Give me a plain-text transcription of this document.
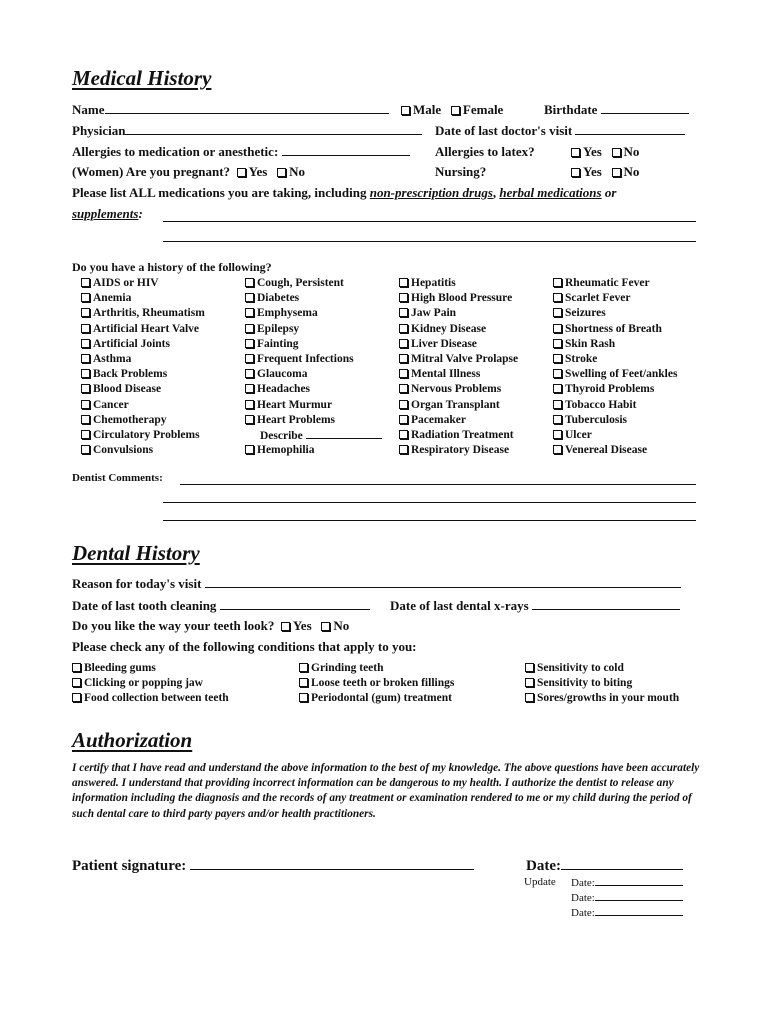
Medical History
Name	Male Female	Birthdate
Physician	Date of last doctor's visit
Allergies to medication or anesthetic:	Allergies to latex?	Yes No
(Women) Are you pregnant? Yes No	Nursing?	Yes No
Please list ALL medications you are taking, including non-prescription drugs, herbal medications or
supplements:
Do you have a history of the following?
AIDS or HIV
Anemia
Arthritis, Rheumatism
Artificial Heart Valve
Artificial Joints
Asthma
Back Problems
Blood Disease
Cancer
Chemotherapy
Circulatory Problems
Convulsions
Cough, Persistent
Diabetes
Emphysema
Epilepsy
Fainting
Frequent Infections
Glaucoma
Headaches
Heart Murmur
Heart Problems
Describe
Hemophilia
Hepatitis
High Blood Pressure
Jaw Pain
Kidney Disease
Liver Disease
Mitral Valve Prolapse
Mental Illness
Nervous Problems
Organ Transplant
Pacemaker
Radiation Treatment
Respiratory Disease
Rheumatic Fever
Scarlet Fever
Seizures
Shortness of Breath
Skin Rash
Stroke
Swelling of Feet/ankles
Thyroid Problems
Tobacco Habit
Tuberculosis
Ulcer
Venereal Disease
Dentist Comments:
Dental History
Reason for today's visit
Date of last tooth cleaning	Date of last dental x-rays
Do you like the way your teeth look? Yes No
Please check any of the following conditions that apply to you:
Bleeding gums
Clicking or popping jaw
Food collection between teeth
Grinding teeth
Loose teeth or broken fillings
Periodontal (gum) treatment
Sensitivity to cold
Sensitivity to biting
Sores/growths in your mouth
Authorization
I certify that I have read and understand the above information to the best of my knowledge. The above questions have been accurately answered. I understand that providing incorrect information can be dangerous to my health. I authorize the dentist to release any information including the diagnosis and the records of any treatment or examination rendered to me or my child during the period of such dental care to third party payers and/or health practitioners.
Patient signature:	Date:
Update Date:
Date:
Date:
